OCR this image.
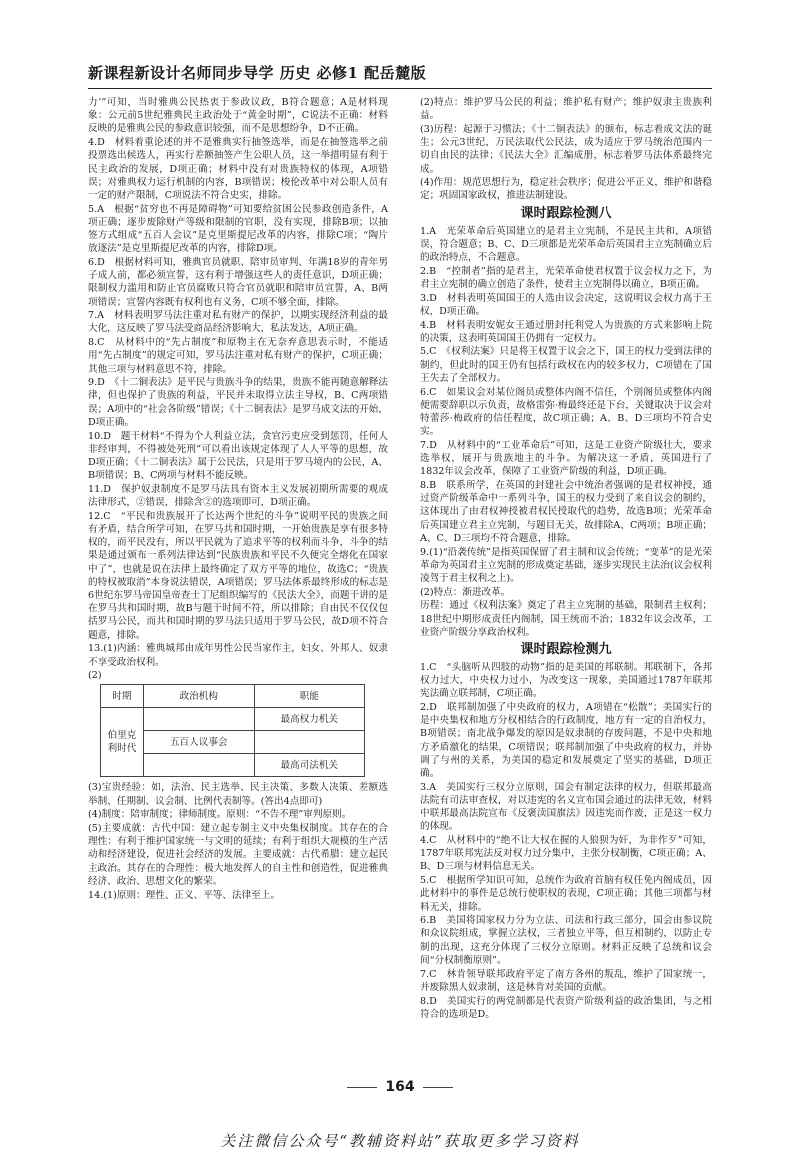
新课程新设计名师同步导学 历史 必修1 配岳麓版

力’”可知，当时雅典公民热衷于参政议政，B符合题意；A是材料现象：公元前5世纪雅典民主政治处于“黄金时期”，C说法不正确：材料反映的是雅典公民的参政意识较强，而不是思想纷争，D不正确。

4.D　材料着重论述的并不是雅典实行抽签选举，而是在抽签选举之前投票选出候选人，再实行差额抽签产生公职人员，这一举措明显有利于民主政治的发展，D项正确；材料中没有对贵族特权的体现，A项错误；对雅典权力运行机制的内容，B项错误；梭伦改革中对公职人员有一定的财产限制，C项说法不符合史实，排除。

5.A　根据“贫穷也不再是障碍物”可知要给贫困公民参政创造条件，A项正确；逐步废除财产等级和限制的官职，没有实现，排除B项；以抽签方式组成“五百人会议”是克里斯提尼改革的内容，排除C项；“陶片放逐法”是克里斯提尼改革的内容，排除D项。

6.D　根据材料可知，雅典官员就职、陪审员审判、年满18岁的青年男子成人前，都必须宣誓，这有利于增强这些人的责任意识，D项正确；限制权力滥用和防止官员腐败只符合官员就职和陪审员宣誓，A、B两项错误；宣誓内容既有权利也有义务，C项不够全面，排除。

7.A　材料表明罗马法注重对私有财产的保护，以期实现经济利益的最大化，这反映了罗马法受商品经济影响大，私法发达，A项正确。

8.C　从材料中的“先占制度”和原物主在无奈弃意思表示时，不能适用“先占制度”的规定可知，罗马法注重对私有财产的保护，C项正确；其他三项与材料意思不符，排除。

9.D　《十二铜表法》是平民与贵族斗争的结果，贵族不能再随意解释法律，但也保护了贵族的利益，平民并未取得立法主导权，B、C两项错误；A项中的“社会各阶级”错误；《十二铜表法》是罗马成文法的开始，D项正确。

10.D　题干材料“不得为个人利益立法，贪官污吏应受到惩罚，任何人非经审判，不得被处死刑”可以看出该规定体现了人人平等的思想，故D项正确；《十二铜表法》属于公民法，只是用于罗马境内的公民，A、B项错误；B、C两项与材料不能反映。

11.D　保护奴隶制度不是罗马法具有资本主义发展初期所需要的观成法律形式，②错误，排除含②的选项即可，D项正确。

12.C　“平民和贵族展开了长达两个世纪的斗争”说明平民的贵族之间有矛盾，结合所学可知，在罗马共和国时期，一开始贵族是享有很多特权的，而平民没有，所以平民就为了追求平等的权利而斗争，斗争的结果是通过颁布一系列法律达到“民族贵族和平民不久便完全熔化在国家中了”，也就是说在法律上最终确定了双方平等的地位，故选C；“贵族的特权被取消”本身说法错误，A项错误；罗马法体系最终形成的标志是6世纪东罗马帝国皇帝查士丁尼组织编写的《民法大全》，而题干讲的是在罗马共和国时期，故B与题干时间不符，所以排除；自由民不仅仅包括罗马公民，而共和国时期的罗马法只适用于罗马公民，故D项不符合题意，排除。

13.(1)内涵：雅典城邦由成年男性公民当家作主，妇女、外邦人、奴隶不享受政治权利。

(2)

时期	政治机构	职能
伯里克利时代		最高权力机关
	五百人议事会	
		最高司法机关

(3)宝贵经验：如，法治、民主选举、民主决策、多数人决策、差额选举制、任期制、议会制、比例代表制等。(答出4点即可)

(4)制度：陪审制度；律师制度。原则：“不告不理”审判原则。

(5)主要成就：古代中国：建立起专制主义中央集权制度。其存在的合理性：有利于维护国家统一与文明的延续；有利于组织大规模的生产活动和经济建设，促进社会经济的发展。主要成就：古代希腊：建立起民主政治。其存在的合理性：极大地发挥人的自主性和创造性，促进雅典经济、政治、思想文化的繁荣。

14.(1)原则：理性、正义、平等、法律至上。

(2)特点：维护罗马公民的利益；维护私有财产；维护奴隶主贵族利益。

(3)历程：起源于习惯法；《十二铜表法》的颁布，标志着成文法的诞生；公元3世纪，万民法取代公民法，成为适应于罗马统治范围内一切自由民的法律；《民法大全》汇编成册，标志着罗马法体系最终完成。

(4)作用：规范思想行为，稳定社会秩序；促进公平正义，维护和谐稳定；巩固国家政权，推进法制建设。

课时跟踪检测八

1.A　光荣革命后英国建立的是君主立宪制，不是民主共和，A项错误，符合题意；B、C、D三项都是光荣革命后英国君主立宪制确立后的政治特点，不合题意。

2.B　“控制者”指的是君主，光荣革命使君权置于议会权力之下，为君主立宪制的确立创造了条件，使君主立宪制得以确立，B项正确。

3.D　材料表明英国国王的人选由议会决定，这说明议会权力高于王权，D项正确。

4.B　材料表明安妮女王通过册封托利党人为贵族的方式来影响上院的决策，这表明英国国王仍拥有一定权力。

5.C　《权利法案》只是将王权置于议会之下，国王的权力受到法律的制约，但此时的国王仍有包括行政权在内的较多权力，C项错在了国王失去了全部权力。

6.C　如果议会对某位阁员或整体内阁不信任，个别阁员或整体内阁便需要辞职以示负责，故格雷弥·梅最终还是下台，关键取决于议会对特蕾莎·梅政府的信任程度，故C项正确；A、B、D三项均不符合史实。

7.D　从材料中的“工业革命后”可知，这是工业资产阶级壮大，要求选举权，展开与贵族地主的斗争。为解决这一矛盾，英国进行了1832年议会改革，保障了工业资产阶级的利益，D项正确。

8.B　联系所学，在英国的封建社会中统治者强调的是君权神授，通过资产阶级革命中一系列斗争，国王的权力受到了来自议会的制约，这体现出了由君权神授被君权民授取代的趋势，故选B项；光荣革命后英国建立君主立宪制，与题目无关，故排除A、C两项；B项正确；A、C、D三项均不符合题意，排除。

9.(1)“沿袭传统”是指英国保留了君主制和议会传统；“变革”的是光荣革命为英国君主立宪制的形成奠定基础，逐步实现民主法治(议会权利凌驾于君主权利之上)。

(2)特点：渐进改革。

历程：通过《权利法案》奠定了君主立宪制的基础，限制君主权利；18世纪中期形成责任内阁制，国王统而不治；1832年议会改革，工业资产阶级分享政治权利。

课时跟踪检测九

1.C　“头脑听从四肢的动物”指的是美国的邦联制。邦联制下，各邦权力过大，中央权力过小，为改变这一现象，美国通过1787年联邦宪法确立联邦制，C项正确。

2.D　联邦制加强了中央政府的权力，A项错在“松散”；美国实行的是中央集权和地方分权相结合的行政制度，地方有一定的自治权力，B项错误；南北战争爆发的原因是奴隶制的存废问题，不是中央和地方矛盾激化的结果，C项错误；联邦制加强了中央政府的权力，并协调了与州的关系，为美国的稳定和发展奠定了坚实的基础，D项正确。

3.A　美国实行三权分立原则，国会有制定法律的权力，但联邦最高法院有司法审查权，对以违宪的名义宣布国会通过的法律无效，材料中联邦最高法院宣布《反褒渎国旗法》因违宪而作废，正是这一权力的体现。

4.C　从材料中的“绝不让大权在握的人狼狈为奸，为非作歹”可知，1787年联邦宪法反对权力过分集中，主张分权制衡，C项正确；A、B、D三项与材料信息无关。

5.C　根据所学知识可知，总统作为政府首脑有权任免内阁成员，因此材料中的事件是总统行使职权的表现，C项正确；其他三项都与材料无关，排除。

6.B　美国将国家权力分为立法、司法和行政三部分，国会由参议院和众议院组成，掌握立法权，三者独立平等，但互相制约，以防止专制的出现，这充分体现了三权分立原则。材料正反映了总统和议会间“分权制衡原则”。

7.C　林肯领导联邦政府平定了南方各州的叛乱，维护了国家统一，并废除黑人奴隶制，这是林肯对美国的贡献。

8.D　美国实行的两党制都是代表资产阶级利益的政治集团，与之相符合的选项是D。

164
关注微信公众号“教辅资料站”获取更多学习资料
